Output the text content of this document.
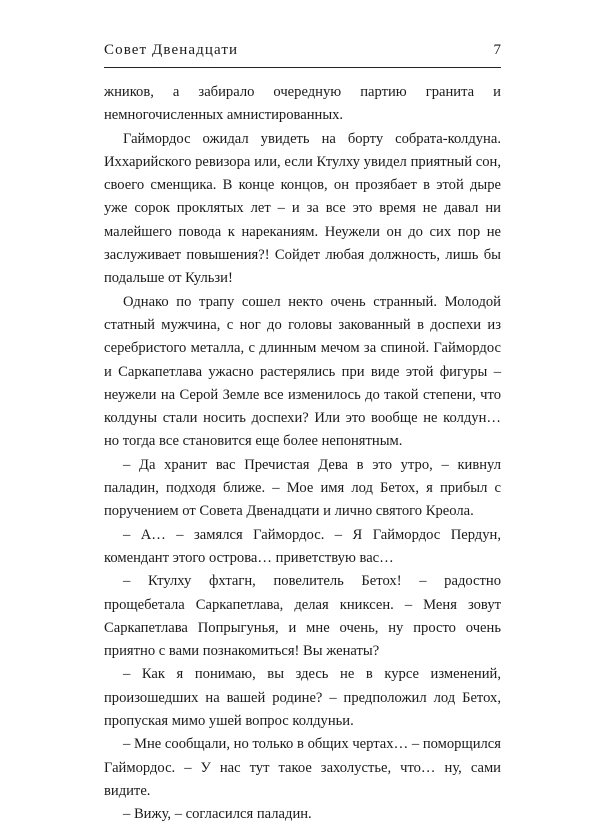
Совет Двенадцати	7

жников, а забирало очередную партию гранита и немногочисленных амнистированных.

Гаймордос ожидал увидеть на борту собрата-колдуна. Иххарийского ревизора или, если Ктулху увидел приятный сон, своего сменщика. В конце концов, он прозябает в этой дыре уже сорок проклятых лет – и за все это время не давал ни малейшего повода к нареканиям. Неужели он до сих пор не заслуживает повышения?! Сойдет любая должность, лишь бы подальше от Кульзи!

Однако по трапу сошел некто очень странный. Молодой статный мужчина, с ног до головы закованный в доспехи из серебристого металла, с длинным мечом за спиной. Гаймордос и Саркапетлава ужасно растерялись при виде этой фигуры – неужели на Серой Земле все изменилось до такой степени, что колдуны стали носить доспехи? Или это вообще не колдун… но тогда все становится еще более непонятным.

– Да хранит вас Пречистая Дева в это утро, – кивнул паладин, подходя ближе. – Мое имя лод Бетох, я прибыл с поручением от Совета Двенадцати и лично святого Креола.

– А… – замялся Гаймордос. – Я Гаймордос Пердун, комендант этого острова… приветствую вас…

– Ктулху фхтагн, повелитель Бетох! – радостно прощебетала Саркапетлава, делая книксен. – Меня зовут Саркапетлава Попрыгунья, и мне очень, ну просто очень приятно с вами познакомиться! Вы женаты?

– Как я понимаю, вы здесь не в курсе изменений, произошедших на вашей родине? – предположил лод Бетох, пропуская мимо ушей вопрос колдуньи.

– Мне сообщали, но только в общих чертах… – поморщился Гаймордос. – У нас тут такое захолустье, что… ну, сами видите.

– Вижу, – согласился паладин.
